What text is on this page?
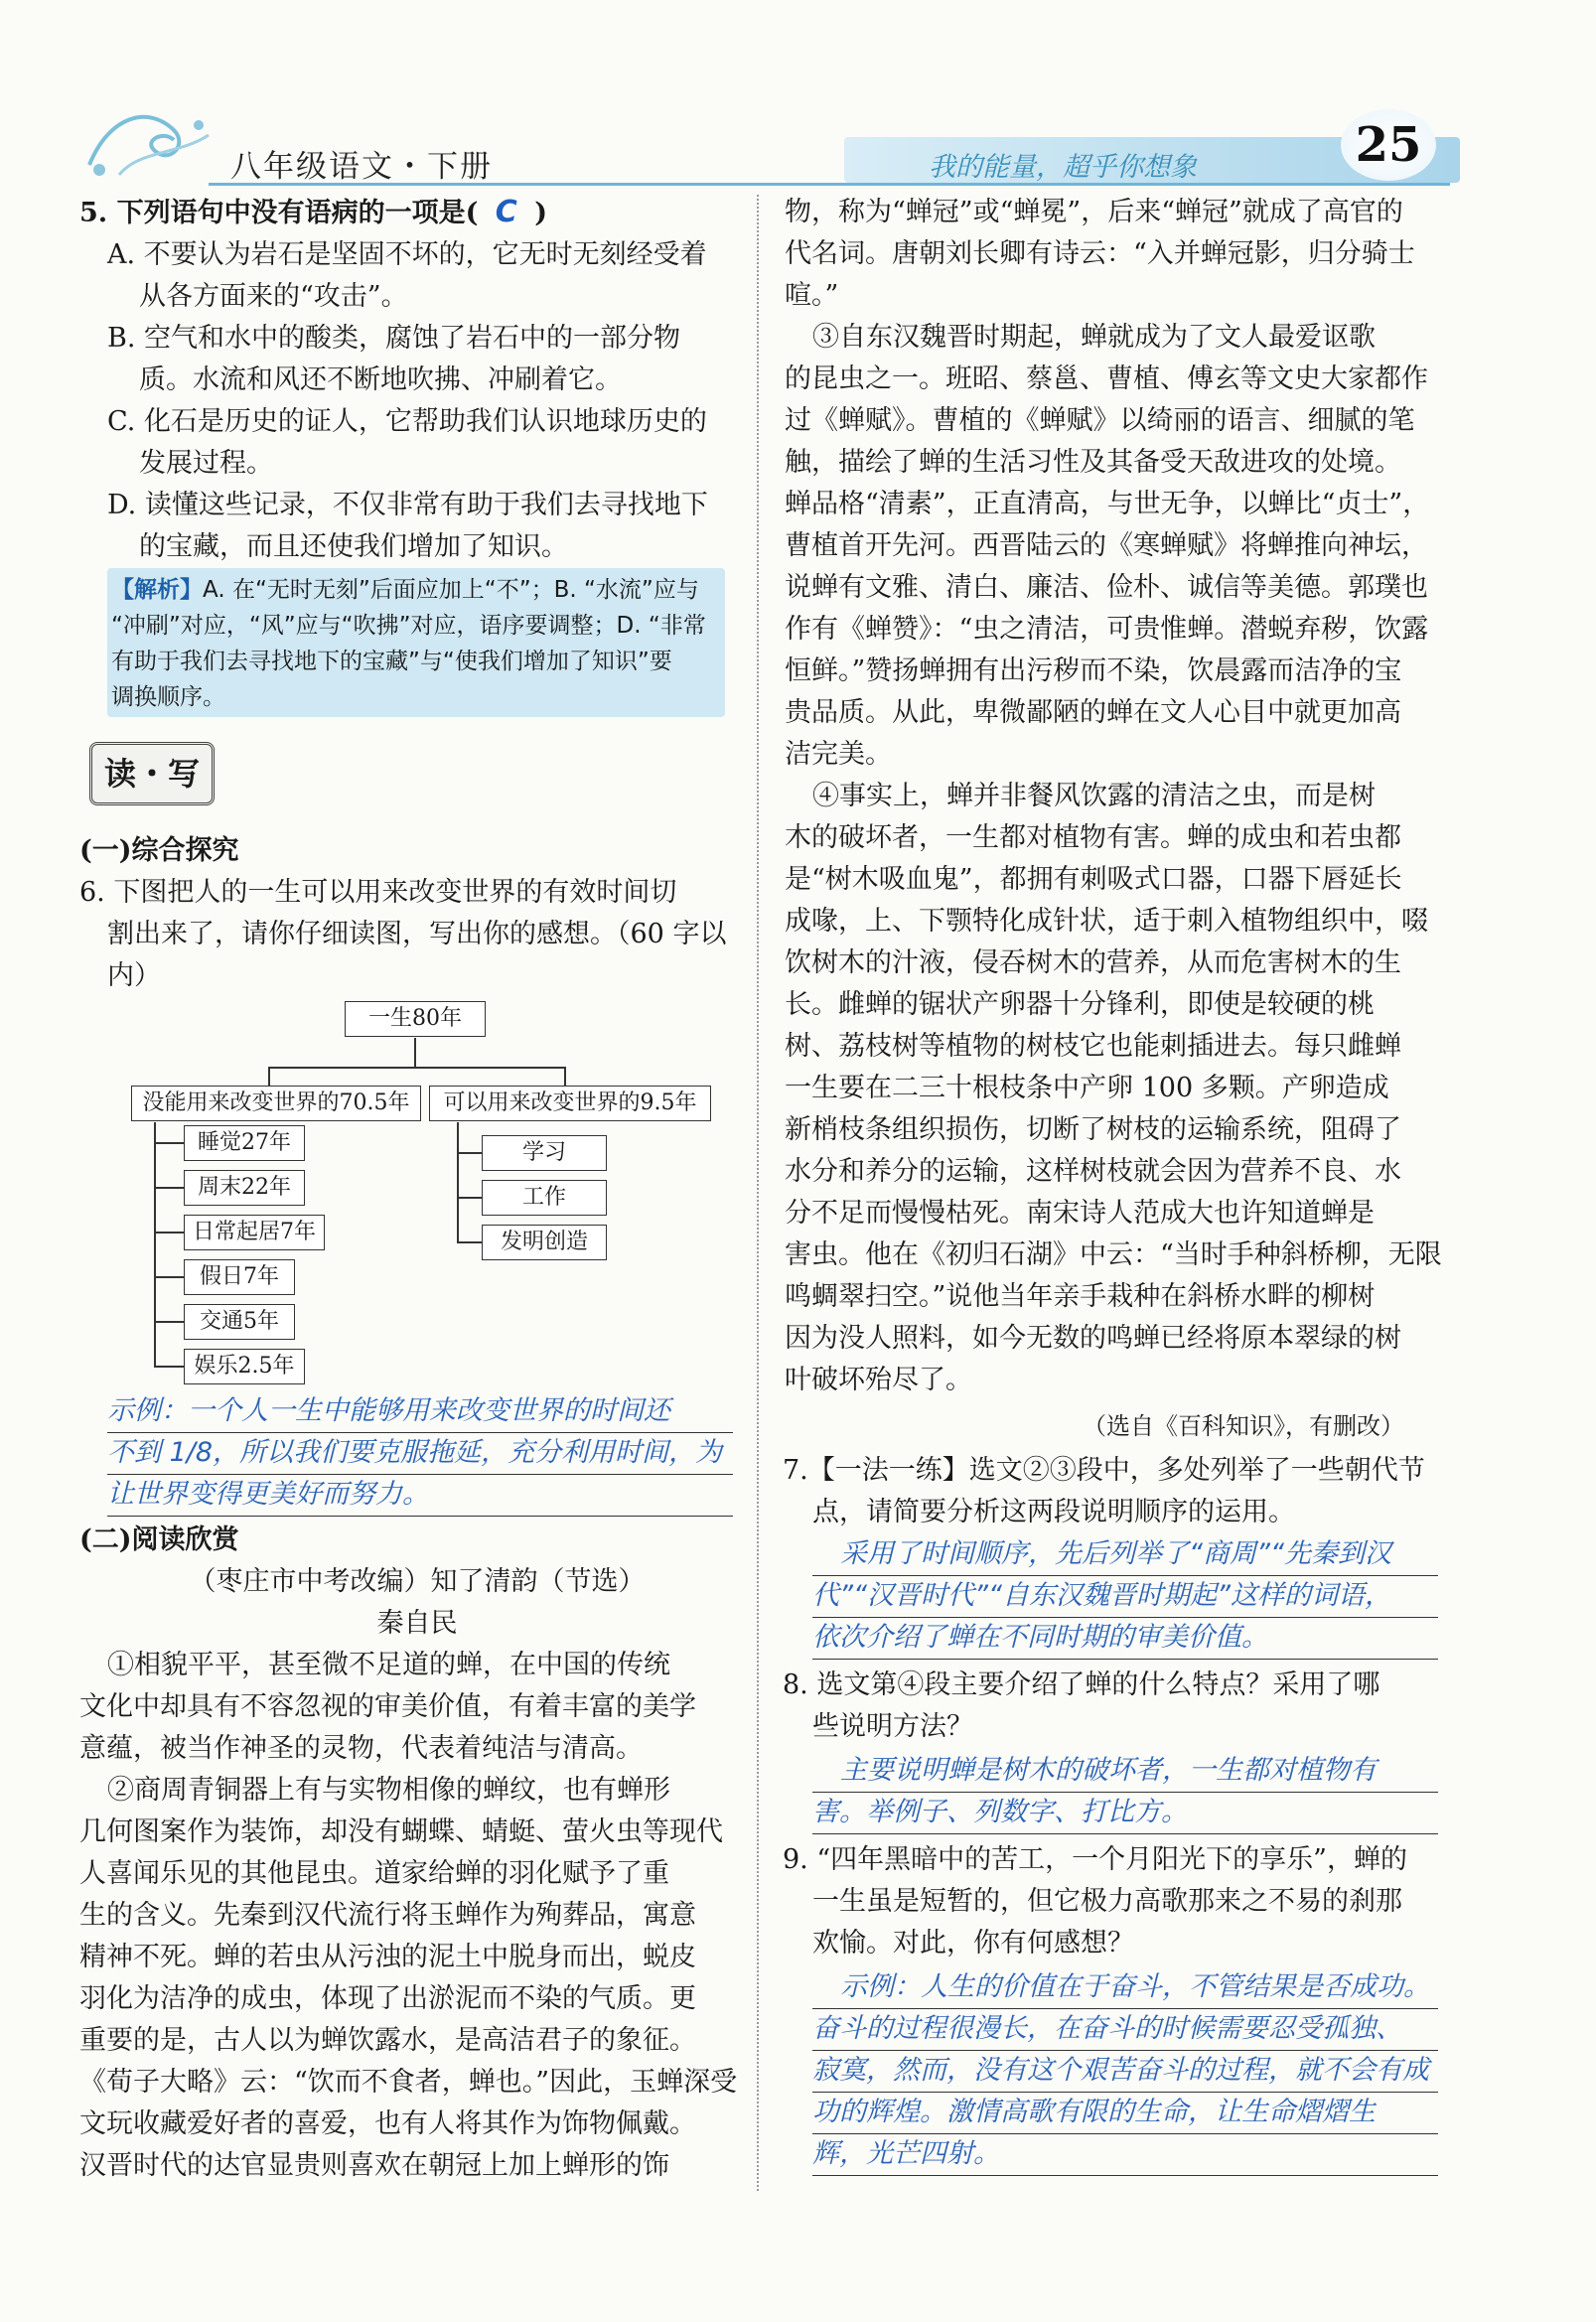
八年级语文・下册	我的能量，超乎你想象	25
5. 下列语句中没有语病的一项是( C )
A. 不要认为岩石是坚固不坏的，它无时无刻经受着
从各方面来的“攻击”。
B. 空气和水中的酸类，腐蚀了岩石中的一部分物
质。水流和风还不断地吹拂、冲刷着它。
C. 化石是历史的证人，它帮助我们认识地球历史的
发展过程。
D. 读懂这些记录，不仅非常有助于我们去寻找地下
的宝藏，而且还使我们增加了知识。
【解析】A. 在“无时无刻”后面应加上“不”；B. “水流”应与
“冲刷”对应，“风”应与“吹拂”对应，语序要调整；D. “非常
有助于我们去寻找地下的宝藏”与“使我们增加了知识”要
调换顺序。
读・写
(一)综合探究
6. 下图把人的一生可以用来改变世界的有效时间切
割出来了，请你仔细读图，写出你的感想。（60 字以
内）
一生80年
没能用来改变世界的70.5年	可以用来改变世界的9.5年
睡觉27年
周末22年
日常起居7年
假日7年
交通5年
娱乐2.5年
学习
工作
发明创造
示例：一个人一生中能够用来改变世界的时间还
不到 1/8，所以我们要克服拖延，充分利用时间，为
让世界变得更美好而努力。
(二)阅读欣赏
（枣庄市中考改编）知了清韵（节选）
秦自民
①相貌平平，甚至微不足道的蝉，在中国的传统
文化中却具有不容忽视的审美价值，有着丰富的美学
意蕴，被当作神圣的灵物，代表着纯洁与清高。
②商周青铜器上有与实物相像的蝉纹，也有蝉形
几何图案作为装饰，却没有蝴蝶、蜻蜓、萤火虫等现代
人喜闻乐见的其他昆虫。道家给蝉的羽化赋予了重
生的含义。先秦到汉代流行将玉蝉作为殉葬品，寓意
精神不死。蝉的若虫从污浊的泥土中脱身而出，蜕皮
羽化为洁净的成虫，体现了出淤泥而不染的气质。更
重要的是，古人以为蝉饮露水，是高洁君子的象征。
《荀子大略》云：“饮而不食者，蝉也。”因此，玉蝉深受
文玩收藏爱好者的喜爱，也有人将其作为饰物佩戴。
汉晋时代的达官显贵则喜欢在朝冠上加上蝉形的饰
物，称为“蝉冠”或“蝉冕”，后来“蝉冠”就成了高官的
代名词。唐朝刘长卿有诗云：“入并蝉冠影，归分骑士
喧。”
③自东汉魏晋时期起，蝉就成为了文人最爱讴歌
的昆虫之一。班昭、蔡邕、曹植、傅玄等文史大家都作
过《蝉赋》。曹植的《蝉赋》以绮丽的语言、细腻的笔
触，描绘了蝉的生活习性及其备受天敌进攻的处境。
蝉品格“清素”，正直清高，与世无争，以蝉比“贞士”，
曹植首开先河。西晋陆云的《寒蝉赋》将蝉推向神坛，
说蝉有文雅、清白、廉洁、俭朴、诚信等美德。郭璞也
作有《蝉赞》：“虫之清洁，可贵惟蝉。潜蜕弃秽，饮露
恒鲜。”赞扬蝉拥有出污秽而不染，饮晨露而洁净的宝
贵品质。从此，卑微鄙陋的蝉在文人心目中就更加高
洁完美。
④事实上，蝉并非餐风饮露的清洁之虫，而是树
木的破坏者，一生都对植物有害。蝉的成虫和若虫都
是“树木吸血鬼”，都拥有刺吸式口器，口器下唇延长
成喙，上、下颚特化成针状，适于刺入植物组织中，啜
饮树木的汁液，侵吞树木的营养，从而危害树木的生
长。雌蝉的锯状产卵器十分锋利，即使是较硬的桃
树、荔枝树等植物的树枝它也能刺插进去。每只雌蝉
一生要在二三十根枝条中产卵 100 多颗。产卵造成
新梢枝条组织损伤，切断了树枝的运输系统，阻碍了
水分和养分的运输，这样树枝就会因为营养不良、水
分不足而慢慢枯死。南宋诗人范成大也许知道蝉是
害虫。他在《初归石湖》中云：“当时手种斜桥柳，无限
鸣蜩翠扫空。”说他当年亲手栽种在斜桥水畔的柳树
因为没人照料，如今无数的鸣蝉已经将原本翠绿的树
叶破坏殆尽了。
（选自《百科知识》，有删改）
7.【一法一练】选文②③段中，多处列举了一些朝代节
点，请简要分析这两段说明顺序的运用。
采用了时间顺序，先后列举了“商周”“先秦到汉
代”“汉晋时代”“自东汉魏晋时期起”这样的词语，
依次介绍了蝉在不同时期的审美价值。
8. 选文第④段主要介绍了蝉的什么特点？采用了哪
些说明方法？
主要说明蝉是树木的破坏者，一生都对植物有
害。举例子、列数字、打比方。
9. “四年黑暗中的苦工，一个月阳光下的享乐”，蝉的
一生虽是短暂的，但它极力高歌那来之不易的刹那
欢愉。对此，你有何感想？
示例：人生的价值在于奋斗，不管结果是否成功。
奋斗的过程很漫长，在奋斗的时候需要忍受孤独、
寂寞，然而，没有这个艰苦奋斗的过程，就不会有成
功的辉煌。激情高歌有限的生命，让生命熠熠生
辉，光芒四射。
